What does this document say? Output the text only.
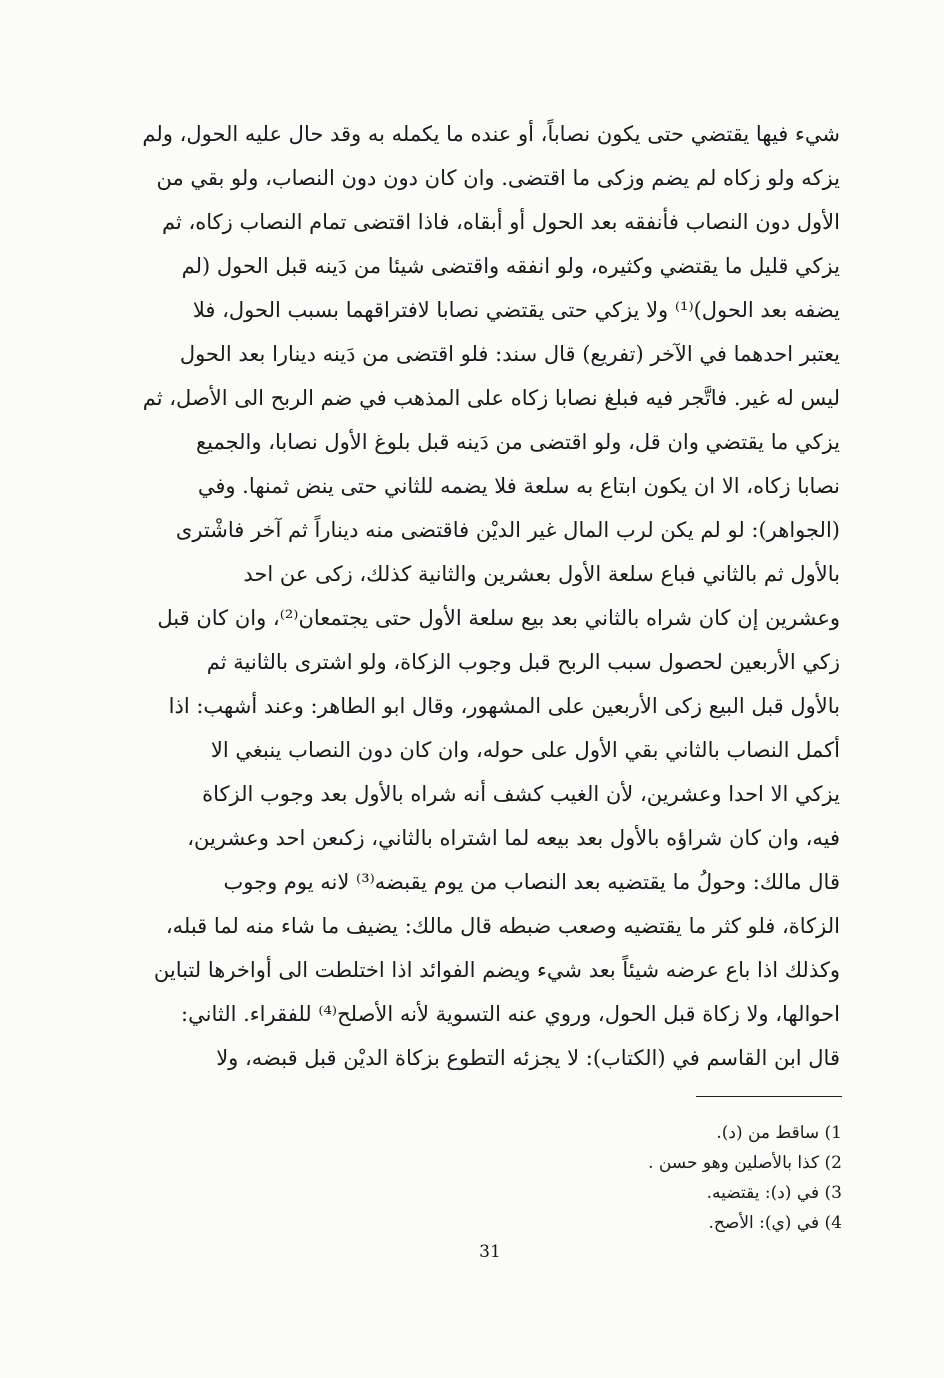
شيء فيها يقتضي حتى يكون نصاباً، أو عنده ما يكمله به وقد حال عليه الحول، ولم
يزكه ولو زكاه لم يضم وزكى ما اقتضى. وان كان دون دون النصاب، ولو بقي من
الأول دون النصاب فأنفقه بعد الحول أو أبقاه، فاذا اقتضى تمام النصاب زكاه، ثم
يزكي قليل ما يقتضي وكثيره، ولو انفقه واقتضى شيئا من دَينه قبل الحول (لم
يضفه بعد الحول)⁽¹⁾ ولا يزكي حتى يقتضي نصابا لافتراقهما بسبب الحول، فلا
يعتبر احدهما في الآخر (تفريع) قال سند: فلو اقتضى من دَينه دينارا بعد الحول
ليس له غير. فاتَّجر فيه فبلغ نصابا زكاه على المذهب في ضم الربح الى الأصل، ثم
يزكي ما يقتضي وان قل، ولو اقتضى من دَينه قبل بلوغ الأول نصابا، والجميع
نصابا زكاه، الا ان يكون ابتاع به سلعة فلا يضمه للثاني حتى ينض ثمنها. وفي
(الجواهر): لو لم يكن لرب المال غير الديْن فاقتضى منه ديناراً ثم آخر فاشْترى
بالأول ثم بالثاني فباع سلعة الأول بعشرين والثانية كذلك، زكى عن احد
وعشرين إن كان شراه بالثاني بعد بيع سلعة الأول حتى يجتمعان⁽²⁾، وان كان قبل
زكي الأربعين لحصول سبب الربح قبل وجوب الزكاة، ولو اشترى بالثانية ثم
بالأول قبل البيع زكى الأربعين على المشهور، وقال ابو الطاهر: وعند أشهب: اذا
أكمل النصاب بالثاني بقي الأول على حوله، وان كان دون النصاب ينبغي الا
يزكي الا احدا وعشرين، لأن الغيب كشف أنه شراه بالأول بعد وجوب الزكاة
فيه، وان كان شراؤه بالأول بعد بيعه لما اشتراه بالثاني، زكىعن احد وعشرين،
قال مالك: وحولُ ما يقتضيه بعد النصاب من يوم يقبضه⁽³⁾ لانه يوم وجوب
الزكاة، فلو كثر ما يقتضيه وصعب ضبطه قال مالك: يضيف ما شاء منه لما قبله،
وكذلك اذا باع عرضه شيئاً بعد شيء ويضم الفوائد اذا اختلطت الى أواخرها لتباين
احوالها، ولا زكاة قبل الحول، وروي عنه التسوية لأنه الأصلح⁽⁴⁾ للفقراء. الثاني:
قال ابن القاسم في (الكتاب): لا يجزئه التطوع بزكاة الديْن قبل قبضه، ولا
1) ساقط من (د).
2) كذا بالأصلين وهو حسن .
3) في (د): يقتضيه.
4) في (ي): الأصح.
31
